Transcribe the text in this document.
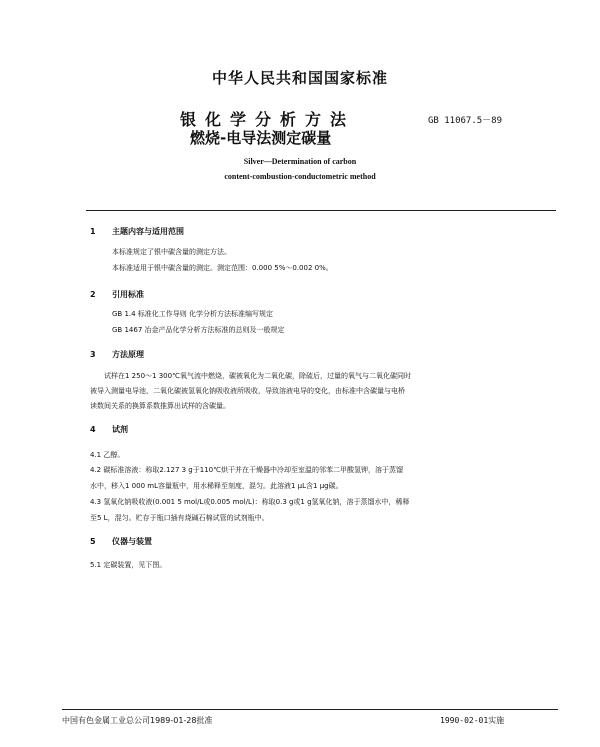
中华人民共和国国家标准
银化学分析方法
燃烧-电导法测定碳量
GB 11067.5－89
Silver—Determination of carbon
content-combustion-conductometric method
1 主题内容与适用范围
本标准规定了银中碳含量的测定方法。
本标准适用于银中碳含量的测定。测定范围：0.000 5%～0.002 0%。
2 引用标准
GB 1.4 标准化工作导则 化学分析方法标准编写规定
GB 1467 冶金产品化学分析方法标准的总则及一般规定
3 方法原理
试样在1 250～1 300℃氧气流中燃烧，碳被氧化为二氧化碳，除硫后，过量的氧气与二氧化碳同时
被导入测量电导池，二氧化碳被氢氧化钠吸收液所吸收，导致溶液电导的变化，由标准中含碳量与电桥
读数间关系的换算系数推算出试样的含碳量。
4 试剂
4.1 乙醇。
4.2 碳标准溶液：称取2.127 3 g于110℃烘干并在干燥器中冷却至室温的邻苯二甲酸氢钾，溶于蒸馏
水中，移入1 000 mL容量瓶中，用水稀释至刻度，混匀。此溶液1 μL含1 μg碳。
4.3 氢氧化钠吸收液(0.001 5 mol/L或0.005 mol/L)：称取0.3 g或1 g氢氧化钠，溶于蒸馏水中，稀释
至5 L，混匀。贮存于瓶口插有烧碱石棉试管的试剂瓶中。
5 仪器与装置
5.1 定碳装置，见下图。
中国有色金属工业总公司1989-01-28批准	1990-02-01实施
